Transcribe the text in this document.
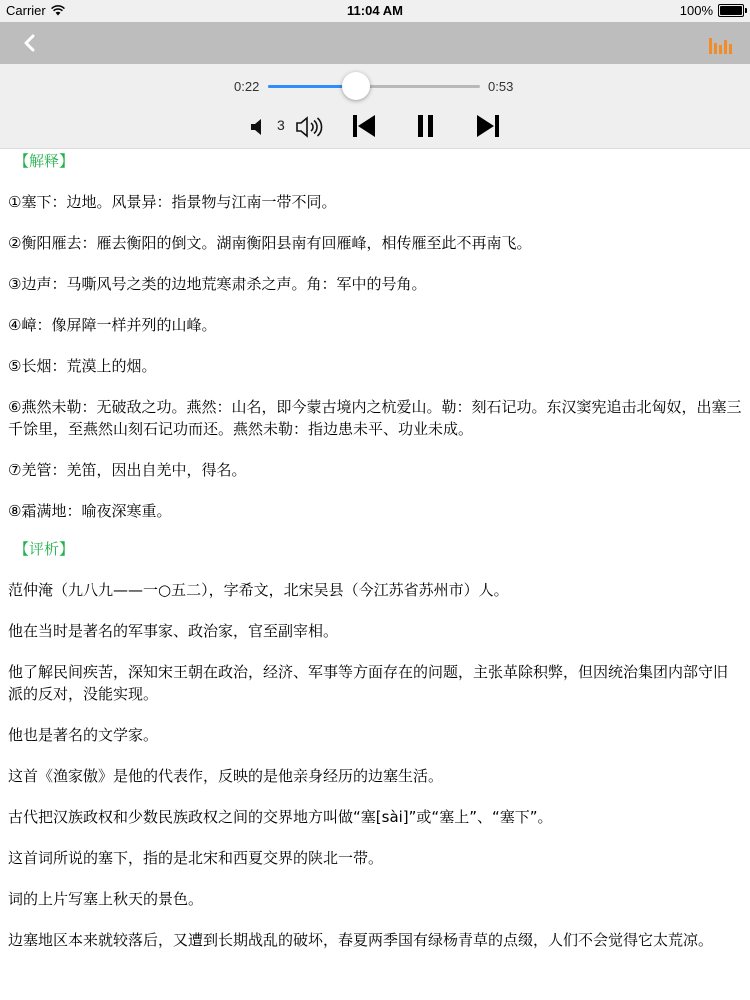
Carrier	11:04 AM	100%
0:22	0:53
3
【解释】

①塞下：边地。风景异：指景物与江南一带不同。

②衡阳雁去：雁去衡阳的倒文。湖南衡阳县南有回雁峰，相传雁至此不再南飞。

③边声：马嘶风号之类的边地荒寒肃杀之声。角：军中的号角。

④嶂：像屏障一样并列的山峰。

⑤长烟：荒漠上的烟。

⑥燕然未勒：无破敌之功。燕然：山名，即今蒙古境内之杭爱山。勒：刻石记功。东汉窦宪追击北匈奴，出塞三千馀里，至燕然山刻石记功而还。燕然未勒：指边患未平、功业未成。

⑦羌管：羌笛，因出自羌中，得名。

⑧霜满地：喻夜深寒重。

【评析】

范仲淹（九八九——一○五二），字希文，北宋吴县（今江苏省苏州市）人。

他在当时是著名的军事家、政治家，官至副宰相。

他了解民间疾苦，深知宋王朝在政治，经济、军事等方面存在的问题，主张革除积弊，但因统治集团内部守旧派的反对，没能实现。

他也是著名的文学家。

这首《渔家傲》是他的代表作，反映的是他亲身经历的边塞生活。

古代把汉族政权和少数民族政权之间的交界地方叫做“塞[sài]”或“塞上”、“塞下”。

这首词所说的塞下，指的是北宋和西夏交界的陕北一带。

词的上片写塞上秋天的景色。

边塞地区本来就较落后，又遭到长期战乱的破坏，春夏两季国有绿杨青草的点缀，人们不会觉得它太荒凉。
